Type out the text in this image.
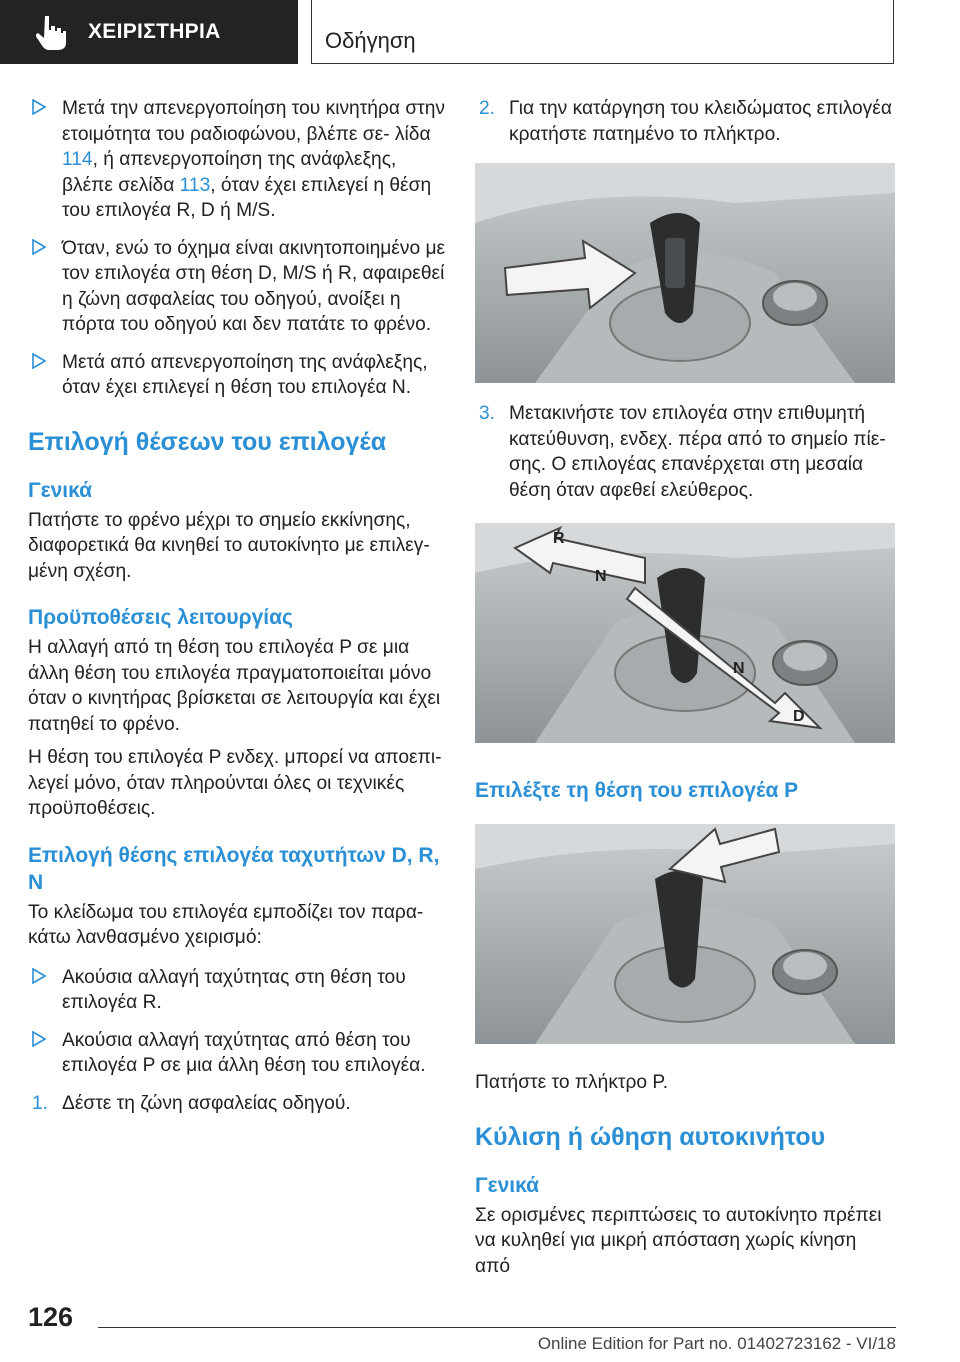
ΧΕΙΡΙΣΤΗΡΙΑ	Οδήγηση
Μετά την απενεργοποίηση του κινητήρα στην ετοιμότητα του ραδιοφώνου, βλέπε σε- λίδα 114, ή απενεργοποίηση της ανάφλεξης, βλέπε σελίδα 113, όταν έχει επιλεγεί η θέση του επιλογέα R, D ή M/S.
Όταν, ενώ το όχημα είναι ακινητοποιημένο με τον επιλογέα στη θέση D, M/S ή R, αφαιρεθεί η ζώνη ασφαλείας του οδηγού, ανοίξει η πόρτα του οδηγού και δεν πατάτε το φρένο.
Μετά από απενεργοποίηση της ανάφλεξης, όταν έχει επιλεγεί η θέση του επιλογέα N.
Επιλογή θέσεων του επιλογέα
Γενικά

Πατήστε το φρένο μέχρι το σημείο εκκίνησης, διαφορετικά θα κινηθεί το αυτοκίνητο με επιλεγ- μένη σχέση.

Προϋποθέσεις λειτουργίας

Η αλλαγή από τη θέση του επιλογέα P σε μια άλλη θέση του επιλογέα πραγματοποιείται μόνο όταν ο κινητήρας βρίσκεται σε λειτουργία και έχει πατηθεί το φρένο.

Η θέση του επιλογέα P ενδεχ. μπορεί να αποεπι- λεγεί μόνο, όταν πληρούνται όλες οι τεχνικές προϋποθέσεις.

Επιλογή θέσης επιλογέα ταχυτήτων D, R, N

Το κλείδωμα του επιλογέα εμποδίζει τον παρα- κάτω λανθασμένο χειρισμό:

Ακούσια αλλαγή ταχύτητας στη θέση του επιλογέα R.
Ακούσια αλλαγή ταχύτητας από θέση του επιλογέα P σε μια άλλη θέση του επιλογέα.
1. Δέστε τη ζώνη ασφαλείας οδηγού.
2. Για την κατάργηση του κλειδώματος επιλογέα κρατήστε πατημένο το πλήκτρο.
3. Μετακινήστε τον επιλογέα στην επιθυμητή κατεύθυνση, ενδεχ. πέρα από το σημείο πίε- σης. Ο επιλογέας επανέρχεται στη μεσαία θέση όταν αφεθεί ελεύθερος.
R
N
N
D
Επιλέξτε τη θέση του επιλογέα P

Πατήστε το πλήκτρο P.

Κύλιση ή ώθηση αυτοκινήτου
Γενικά

Σε ορισμένες περιπτώσεις το αυτοκίνητο πρέπει να κυληθεί για μικρή απόσταση χωρίς κίνηση από

126
Online Edition for Part no. 01402723162 - VI/18
